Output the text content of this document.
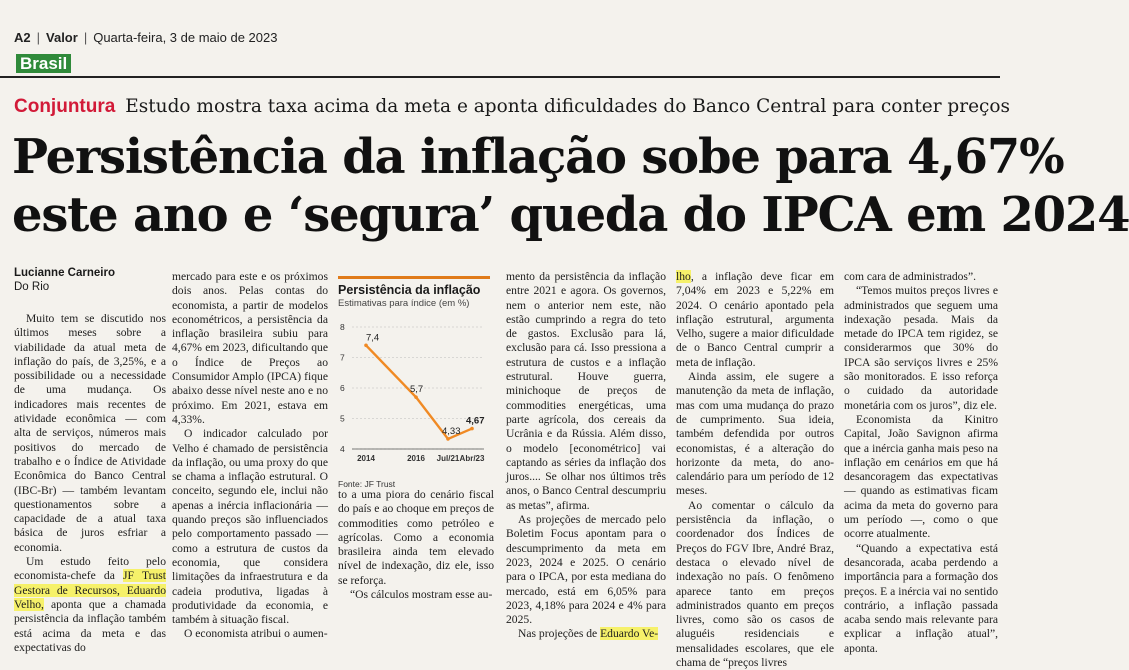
A2 | Valor | Quarta-feira, 3 de maio de 2023
Brasil
Conjuntura Estudo mostra taxa acima da meta e aponta dificuldades do Banco Central para conter preços
Persistência da inflação sobe para 4,67%
este ano e ‘segura’ queda do IPCA em 2024
Lucianne Carneiro
Do Rio

Muito tem se discutido nos últimos meses sobre a viabilidade da atual meta de inflação do país, de 3,25%, e a possibilidade ou a necessidade de uma mudança. Os indicadores mais recentes de atividade econômica — com alta de serviços, números mais positivos do mercado de trabalho e o Índice de Atividade Econômica do Banco Central (IBC-Br) — também levantam questionamentos sobre a capacidade de a atual taxa básica de juros esfriar a economia.

Um estudo feito pelo economista-chefe da JF Trust Gestora de Recursos, Eduardo Velho, aponta que a chamada persistência da inflação também está acima da meta e das expectativas do

mercado para este e os próximos dois anos. Pelas contas do economista, a partir de modelos econométricos, a persistência da inflação brasileira subiu para 4,67% em 2023, dificultando que o Índice de Preços ao Consumidor Amplo (IPCA) fique abaixo desse nível neste ano e no próximo. Em 2021, estava em 4,33%.

O indicador calculado por Velho é chamado de persistência da inflação, ou uma proxy do que se chama a inflação estrutural. O conceito, segundo ele, inclui não apenas a inércia inflacionária — quando preços são influenciados pelo comportamento passado — como a estrutura de custos da economia, que considera limitações da infraestrutura e da cadeia produtiva, ligadas à produtividade da economia, e também à situação fiscal.

O economista atribui o aumen-

Persistência da inflação
Estimativas para índice (em %)
8
7
6
5
4
7,4
2014
5,7
2016
4,33
Jul/21
4,67
Abr/23
Fonte: JF Trust

to a uma piora do cenário fiscal do país e ao choque em preços de commodities como petróleo e agrícolas. Como a economia brasileira ainda tem elevado nível de indexação, diz ele, isso se reforça.

“Os cálculos mostram esse au-

mento da persistência da inflação entre 2021 e agora. Os governos, nem o anterior nem este, não estão cumprindo a regra do teto de gastos. Exclusão para lá, exclusão para cá. Isso pressiona a estrutura de custos e a inflação estrutural. Houve guerra, minichoque de preços de commodities energéticas, uma parte agrícola, dos cereais da Ucrânia e da Rússia. Além disso, o modelo [econométrico] vai captando as séries da inflação dos juros.... Se olhar nos últimos três anos, o Banco Central descumpriu as metas”, afirma.

As projeções de mercado pelo Boletim Focus apontam para o descumprimento da meta em 2023, 2024 e 2025. O cenário para o IPCA, por esta mediana do mercado, está em 6,05% para 2023, 4,18% para 2024 e 4% para 2025.

Nas projeções de Eduardo Ve-

lho, a inflação deve ficar em 7,04% em 2023 e 5,22% em 2024. O cenário apontado pela inflação estrutural, argumenta Velho, sugere a maior dificuldade de o Banco Central cumprir a meta de inflação.

Ainda assim, ele sugere a manutenção da meta de inflação, mas com uma mudança do prazo de cumprimento. Sua ideia, também defendida por outros economistas, é a alteração do horizonte da meta, do ano-calendário para um período de 12 meses.

Ao comentar o cálculo da persistência da inflação, o coordenador dos Índices de Preços do FGV Ibre, André Braz, destaca o elevado nível de indexação no país. O fenômeno aparece tanto em preços administrados quanto em preços livres, como são os casos de aluguéis residenciais e mensalidades escolares, que ele chama de “preços livres

com cara de administrados”.

“Temos muitos preços livres e administrados que seguem uma indexação pesada. Mais da metade do IPCA tem rigidez, se considerarmos que 30% do IPCA são serviços livres e 25% são monitorados. E isso reforça o cuidado da autoridade monetária com os juros”, diz ele.

Economista da Kinitro Capital, João Savignon afirma que a inércia ganha mais peso na inflação em cenários em que há desancoragem das expectativas — quando as estimativas ficam acima da meta do governo para um período —, como o que ocorre atualmente.

“Quando a expectativa está desancorada, acaba perdendo a importância para a formação dos preços. E a inércia vai no sentido contrário, a inflação passada acaba sendo mais relevante para explicar a inflação atual”, aponta.
